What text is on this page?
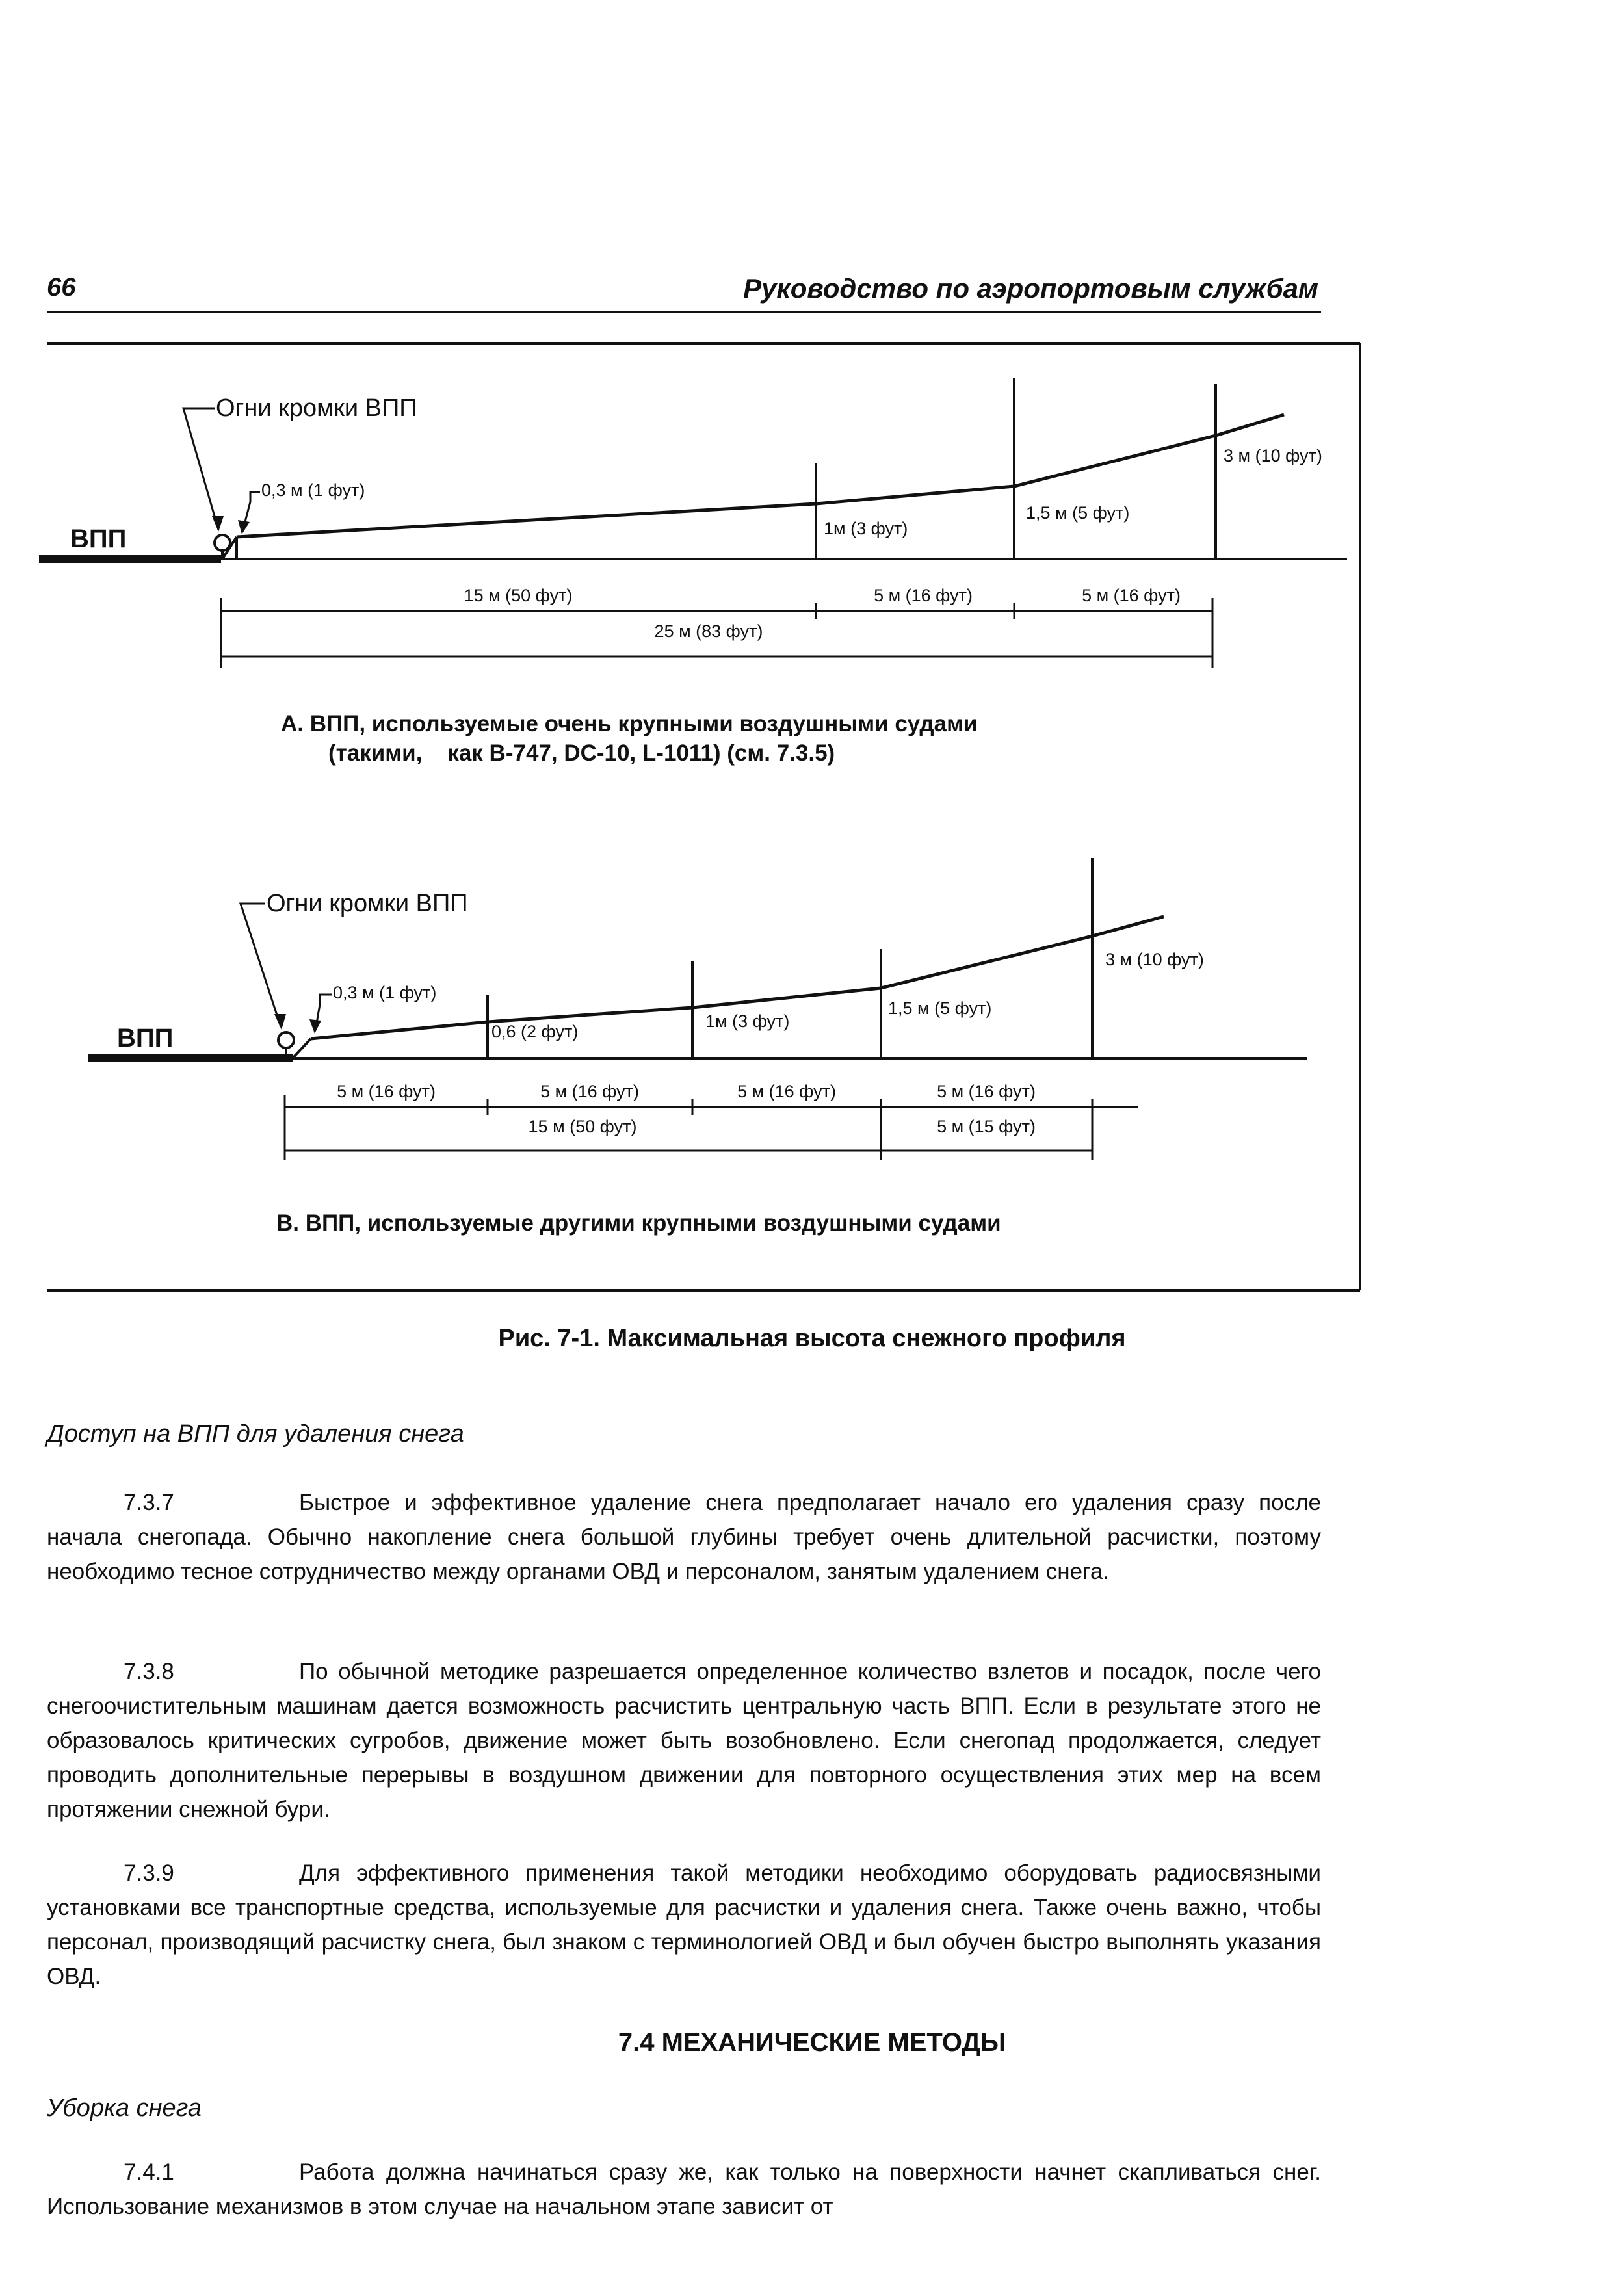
66	Руководство по аэропортовым службам
ВПП
Огни кромки ВПП
0,3 м (1 фут)
1м (3 фут)
1,5 м (5 фут)
3 м (10 фут)
15 м (50 фут)	5 м (16 фут)	5 м (16 фут)
25 м (83 фут)
А. ВПП, используемые очень крупными воздушными судами
(такими,    как В-747, DC-10, L-1011) (см. 7.3.5)
ВПП
Огни кромки ВПП
0,3 м (1 фут)
0,6 (2 фут)
1м (3 фут)
1,5 м (5 фут)
3 м (10 фут)
5 м (16 фут)	5 м (16 фут)	5 м (16 фут)	5 м (16 фут)
15 м (50 фут)	5 м (15 фут)
В. ВПП, используемые другими крупными воздушными судами
Рис. 7-1. Максимальная высота снежного профиля
Доступ на ВПП для удаления снега
7.3.7	Быстрое и эффективное удаление снега предполагает начало его удаления сразу после начала снегопада. Обычно накопление снега большой глубины требует очень длительной расчистки, поэтому необходимо тесное сотрудничество между органами ОВД и персоналом, занятым удалением снега.
7.3.8	По обычной методике разрешается определенное количество взлетов и посадок, после чего снегоочистительным машинам дается возможность расчистить центральную часть ВПП. Если в результате этого не образовалось критических сугробов, движение может быть возобновлено. Если снегопад продолжается, следует проводить дополнительные перерывы в воздушном движении для повторного осуществления этих мер на всем протяжении снежной бури.
7.3.9	Для эффективного применения такой методики необходимо оборудовать радиосвязными установками все транспортные средства, используемые для расчистки и удаления снега. Также очень важно, чтобы персонал, производящий расчистку снега, был знаком с терминологией ОВД и был обучен быстро выполнять указания ОВД.
7.4 МЕХАНИЧЕСКИЕ МЕТОДЫ
Уборка снега
7.4.1	Работа должна начинаться сразу же, как только на поверхности начнет скапливаться снег. Использование механизмов в этом случае на начальном этапе зависит от
